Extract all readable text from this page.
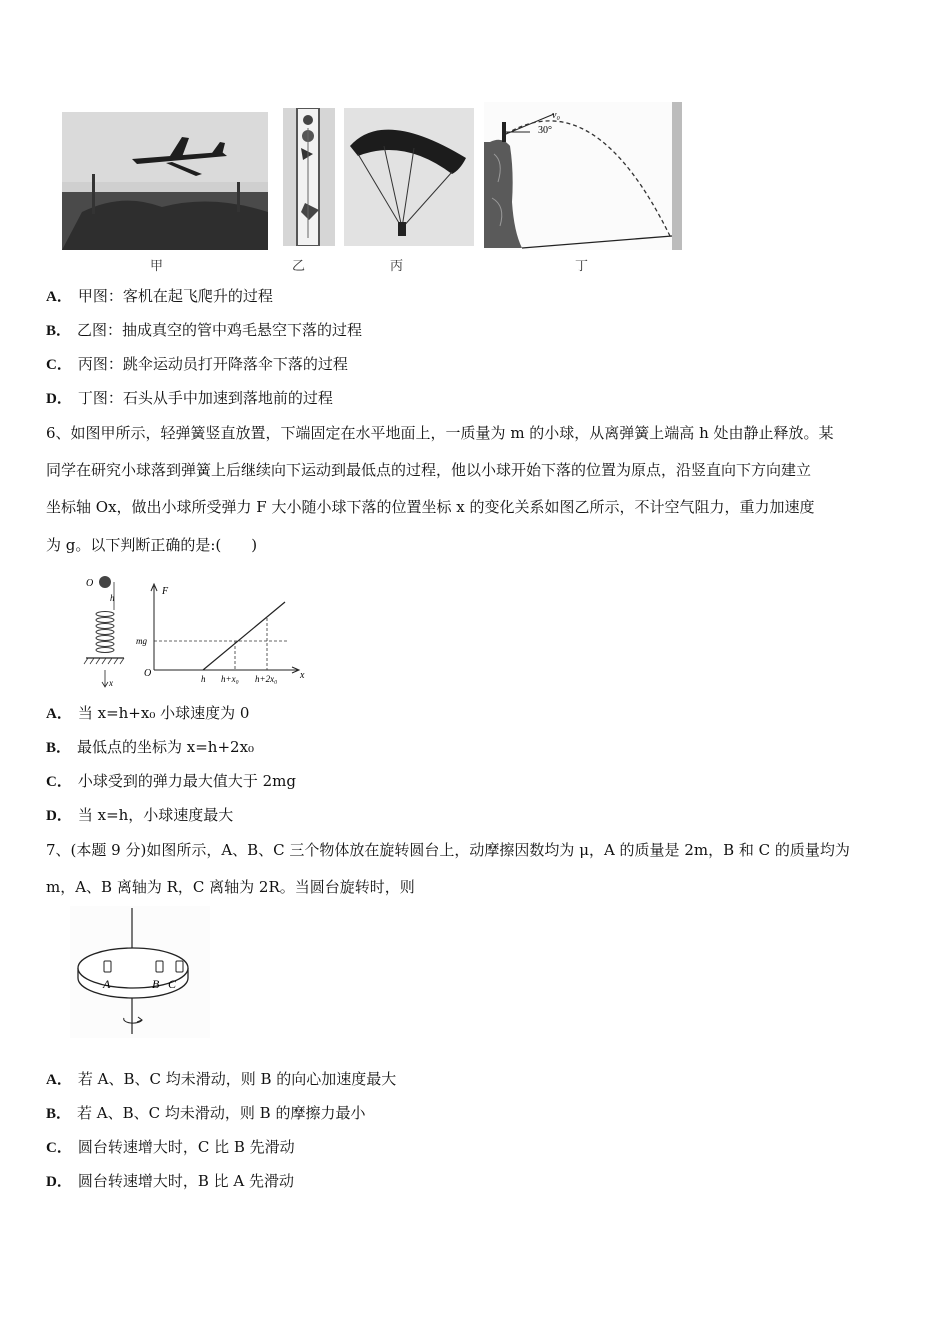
30°
v₀
甲	乙	丙	丁
A． 甲图：客机在起飞爬升的过程
B． 乙图：抽成真空的管中鸡毛悬空下落的过程
C． 丙图：跳伞运动员打开降落伞下落的过程
D． 丁图：石头从手中加速到落地前的过程
6、如图甲所示，轻弹簧竖直放置，下端固定在水平地面上，一质量为 m 的小球，从离弹簧上端高 h 处由静止释放。某
同学在研究小球落到弹簧上后继续向下运动到最低点的过程，他以小球开始下落的位置为原点，沿竖直向下方向建立
坐标轴 Ox，做出小球所受弹力 F 大小随小球下落的位置坐标 x 的变化关系如图乙所示，不计空气阻力，重力加速度
为 g。以下判断正确的是:(　　)
O
h
x
F
x
O
mg
h h+x₀ h+2x₀
A． 当 x=h+x₀ 小球速度为 0
B． 最低点的坐标为 x=h+2x₀
C． 小球受到的弹力最大值大于 2mg
D． 当 x=h，小球速度最大
7、(本题 9 分)如图所示，A、B、C 三个物体放在旋转圆台上，动摩擦因数均为 μ，A 的质量是 2m，B 和 C 的质量均为
m，A、B 离轴为 R，C 离轴为 2R。当圆台旋转时，则
A	B C
A． 若 A、B、C 均未滑动，则 B 的向心加速度最大
B． 若 A、B、C 均未滑动，则 B 的摩擦力最小
C． 圆台转速增大时，C 比 B 先滑动
D． 圆台转速增大时，B 比 A 先滑动
